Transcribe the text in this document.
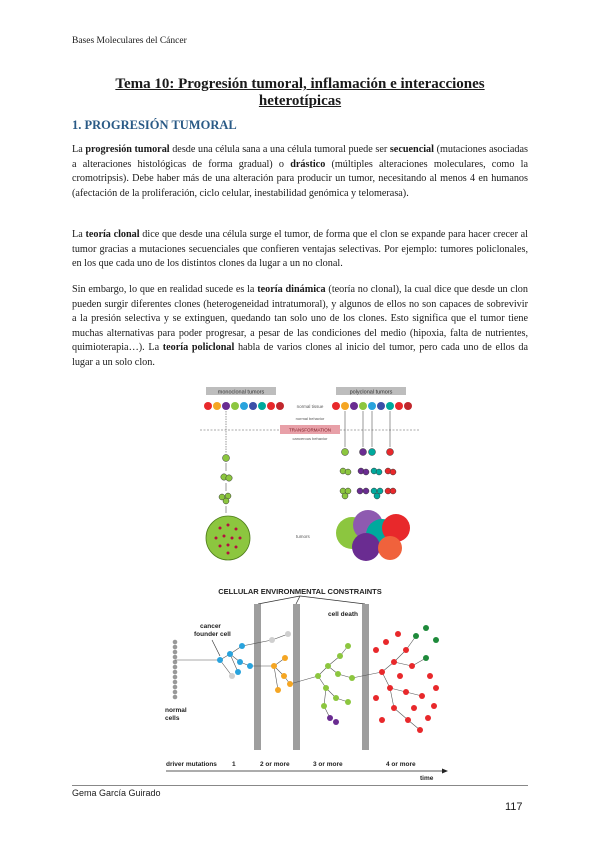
Bases Moleculares del Cáncer
Tema 10: Progresión tumoral, inflamación e interacciones
heterotípicas
1. PROGRESIÓN TUMORAL

La progresión tumoral desde una célula sana a una célula tumoral puede ser secuencial (mutaciones asociadas a alteraciones histológicas de forma gradual) o drástico (múltiples alteraciones moleculares, como la cromotripsis). Debe haber más de una alteración para producir un tumor, necesitando al menos 4 en humanos (afectación de la proliferación, ciclo celular, inestabilidad genómica y telomerasa).

La teoría clonal dice que desde una célula surge el tumor, de forma que el clon se expande para hacer crecer al tumor gracias a mutaciones secuenciales que confieren ventajas selectivas. Por ejemplo: tumores policlonales, en los que cada uno de los distintos clones da lugar a un no clonal.

Sin embargo, lo que en realidad sucede es la teoría dinámica (teoría no clonal), la cual dice que desde un clon pueden surgir diferentes clones (heterogeneidad intratumoral), y algunos de ellos no son capaces de sobrevivir a la presión selectiva y se extinguen, quedando tan solo uno de los clones. Esto significa que el tumor tiene muchas alternativas para poder progresar, a pesar de las condiciones del medio (hipoxia, falta de nutrientes, quimioterapia…). La teoría policlonal habla de varios clones al inicio del tumor, pero cada uno de ellos da lugar a un solo clon.

monoclonal tumors	polyclonal tumors
normal tissue
normal behavior
TRANSFORMATION
cancerous behavior
tumors
CELLULAR ENVIRONMENTAL CONSTRAINTS
cell death
normal
cells
cancer
founder cell
driver mutations 1	2 or more	3 or more	4 or more
time
Gema García Guirado
117
